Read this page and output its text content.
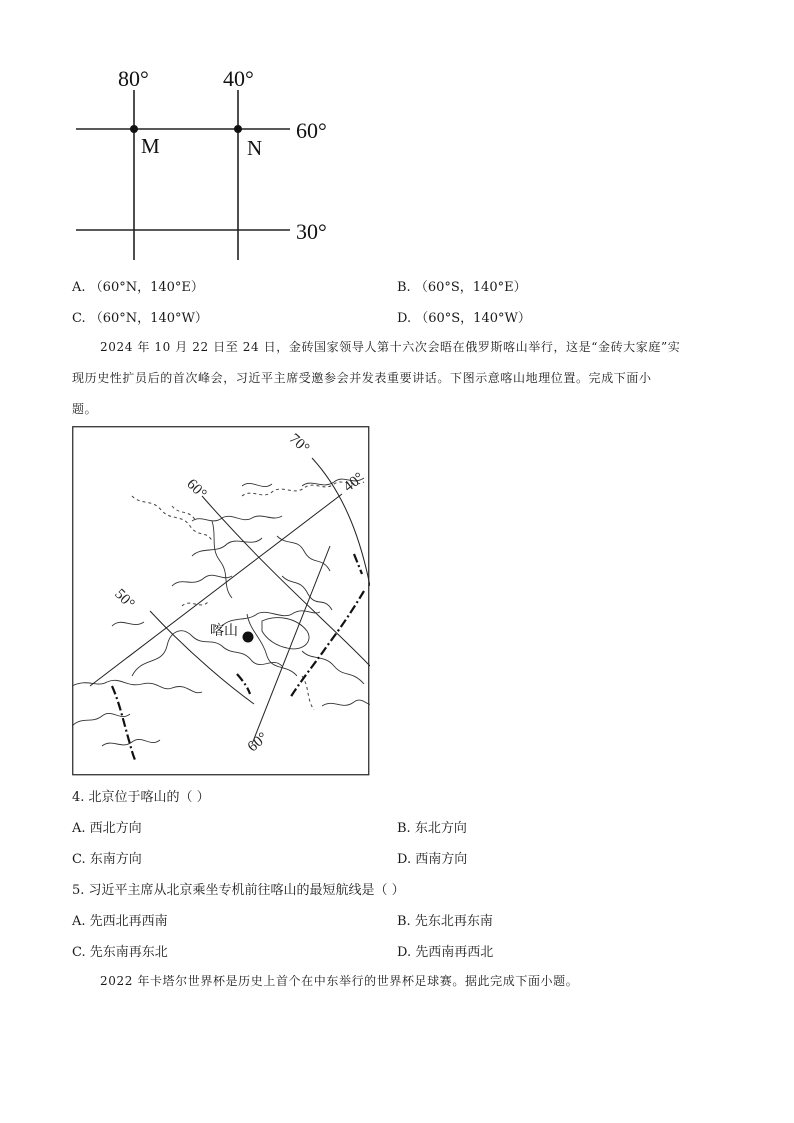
80°	40°
60°
30°
M	N
A. （60°N，140°E）	B. （60°S，140°E）
C. （60°N，140°W）	D. （60°S，140°W）
2024 年 10 月 22 日至 24 日，金砖国家领导人第十六次会晤在俄罗斯喀山举行，这是“金砖大家庭”实
现历史性扩员后的首次峰会，习近平主席受邀参会并发表重要讲话。下图示意喀山地理位置。完成下面小
题。
70°
40°
60°
50°
60°
喀山
4. 北京位于喀山的（ ）
A. 西北方向	B. 东北方向
C. 东南方向	D. 西南方向
5. 习近平主席从北京乘坐专机前往喀山的最短航线是（ ）
A. 先西北再西南	B. 先东北再东南
C. 先东南再东北	D. 先西南再西北
2022 年卡塔尔世界杯是历史上首个在中东举行的世界杯足球赛。据此完成下面小题。
